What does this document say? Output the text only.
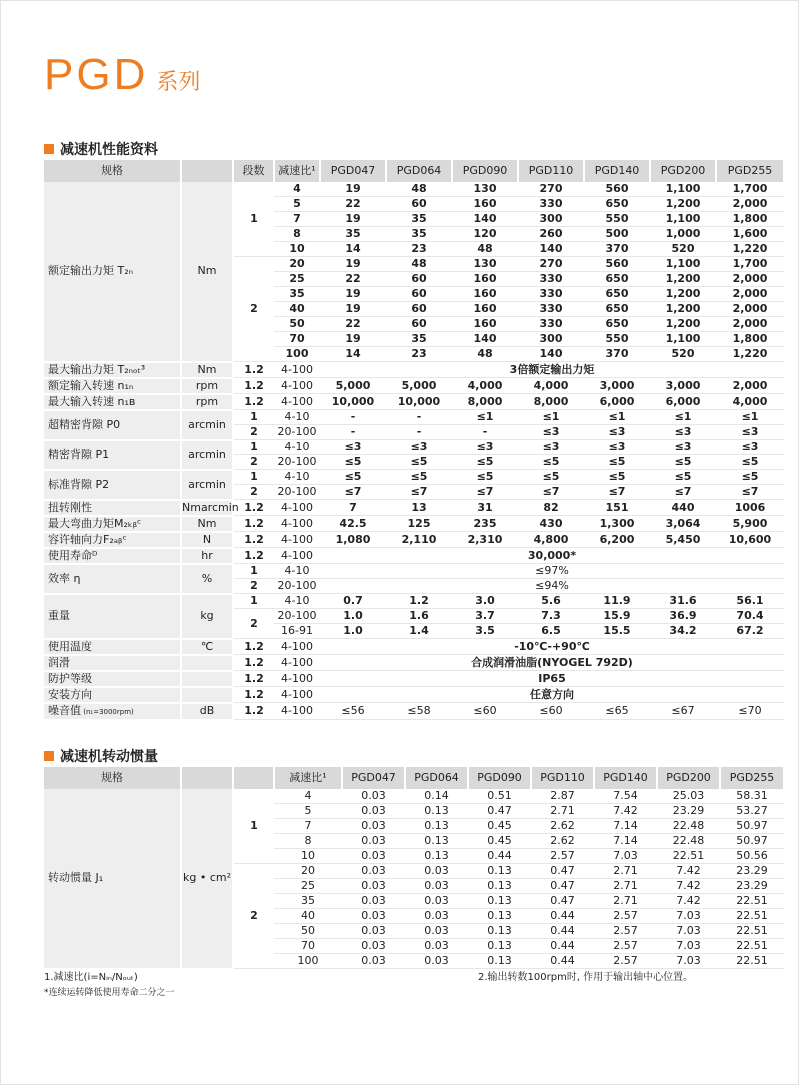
PGD 系列
减速机性能资料
规格		段数	减速比¹	PGD047	PGD064	PGD090	PGD110	PGD140	PGD200	PGD255
额定输出力矩 T₂ₙ	Nm	1	4	19	48	130	270	560	1,100	1,700
			5	22	60	160	330	650	1,200	2,000
			7	19	35	140	300	550	1,100	1,800
			8	35	35	120	260	500	1,000	1,600
			10	14	23	48	140	370	520	1,220
		2	20	19	48	130	270	560	1,100	1,700
			25	22	60	160	330	650	1,200	2,000
			35	19	60	160	330	650	1,200	2,000
			40	19	60	160	330	650	1,200	2,000
			50	22	60	160	330	650	1,200	2,000
			70	19	35	140	300	550	1,100	1,800
			100	14	23	48	140	370	520	1,220
最大输出力矩 T₂ₙₒₜ³	Nm	1.2	4-100	3倍额定输出力矩						
额定输入转速 n₁ₙ	rpm	1.2	4-100	5,000	5,000	4,000	4,000	3,000	3,000	2,000
最大输入转速 n₁ʙ	rpm	1.2	4-100	10,000	10,000	8,000	8,000	6,000	6,000	4,000
超精密背隙 P0	arcmin	1	4-10	-	-	≤1	≤1	≤1	≤1	≤1
		2	20-100	-	-	-	≤3	≤3	≤3	≤3
精密背隙 P1	arcmin	1	4-10	≤3	≤3	≤3	≤3	≤3	≤3	≤3
		2	20-100	≤5	≤5	≤5	≤5	≤5	≤5	≤5
标准背隙 P2	arcmin	1	4-10	≤5	≤5	≤5	≤5	≤5	≤5	≤5
		2	20-100	≤7	≤7	≤7	≤7	≤7	≤7	≤7
扭转刚性	Nmarcmin	1.2	4-100	7	13	31	82	151	440	1006
最大弯曲力矩M₂ₖᵦᶜ	Nm	1.2	4-100	42.5	125	235	430	1,300	3,064	5,900
容许轴向力F₂ₐᵦᶜ	N	1.2	4-100	1,080	2,110	2,310	4,800	6,200	5,450	10,600
使用寿命ᴰ	hr	1.2	4-100	30,000*						
效率 η	%	1	4-10	≤97%						
		2	20-100	≤94%						
重量	kg	1	4-10	0.7	1.2	3.0	5.6	11.9	31.6	56.1
		2	20-100	1.0	1.6	3.7	7.3	15.9	36.9	70.4
			16-91	1.0	1.4	3.5	6.5	15.5	34.2	67.2
使用温度	℃	1.2	4-100	-10℃-+90℃						
润滑		1.2	4-100	合成润滑油脂(NYOGEL 792D)						
防护等级		1.2	4-100	IP65						
安装方向		1.2	4-100	任意方向						
噪音值 (n₁=3000rpm)	dB	1.2	4-100	≤56	≤58	≤60	≤60	≤65	≤67	≤70
减速机转动惯量
规格			减速比¹	PGD047	PGD064	PGD090	PGD110	PGD140	PGD200	PGD255
转动惯量 J₁	kg • cm²	1	4	0.03	0.14	0.51	2.87	7.54	25.03	58.31
			5	0.03	0.13	0.47	2.71	7.42	23.29	53.27
			7	0.03	0.13	0.45	2.62	7.14	22.48	50.97
			8	0.03	0.13	0.45	2.62	7.14	22.48	50.97
			10	0.03	0.13	0.44	2.57	7.03	22.51	50.56
		2	20	0.03	0.03	0.13	0.47	2.71	7.42	23.29
			25	0.03	0.03	0.13	0.47	2.71	7.42	23.29
			35	0.03	0.03	0.13	0.47	2.71	7.42	22.51
			40	0.03	0.03	0.13	0.44	2.57	7.03	22.51
			50	0.03	0.03	0.13	0.44	2.57	7.03	22.51
			70	0.03	0.03	0.13	0.44	2.57	7.03	22.51
			100	0.03	0.03	0.13	0.44	2.57	7.03	22.51
1.减速比(i=Nᵢₙ/Nₒᵤₜ)	2.输出转数100rpm时, 作用于输出轴中心位置。
*连续运转降低使用寿命二分之一
